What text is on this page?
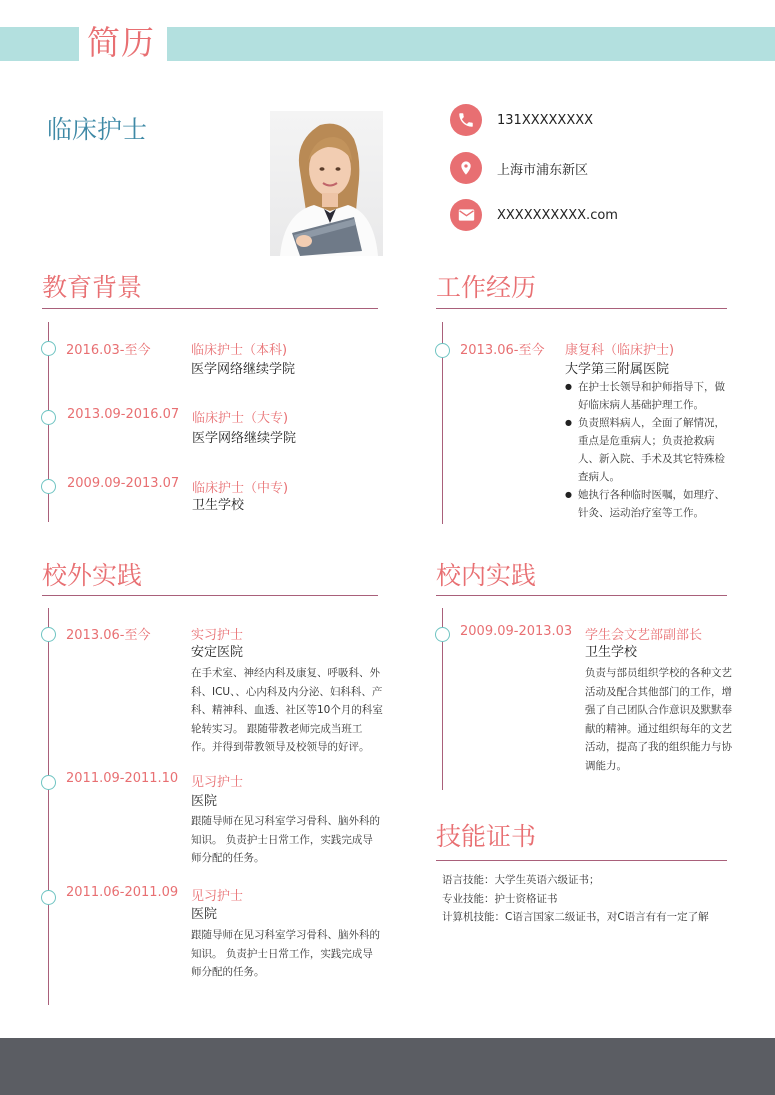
简历
临床护士	131XXXXXXXX
上海市浦东新区
XXXXXXXXXX.com
教育背景
2016.03-至今	临床护士（本科)
医学网络继续学院
2013.09-2016.07 临床护士（大专)
医学网络继续学院
2009.09-2013.07 临床护士（中专)
卫生学校
工作经历
2013.06-至今 康复科（临床护士)
大学第三附属医院
● 在护士长领导和护师指导下，做好临床病人基础护理工作。
● 负责照料病人，全面了解情况，重点是危重病人；负责抢救病人、新入院、手术及其它特殊检查病人。
● 她执行各种临时医嘱，如理疗、针灸、运动治疗室等工作。
校外实践
2013.06-至今	实习护士
安定医院
在手术室、神经内科及康复、呼吸科、外科、ICU、、心内科及内分泌、妇科科、产科、精神科、血透、社区等10个月的科室轮转实习。 跟随带教老师完成当班工作。并得到带教领导及校领导的好评。
2011.09-2011.10 见习护士
医院
跟随导师在见习科室学习骨科、脑外科的知识。 负责护士日常工作，实践完成导师分配的任务。
2011.06-2011.09 见习护士
医院
跟随导师在见习科室学习骨科、脑外科的知识。 负责护士日常工作，实践完成导师分配的任务。
校内实践
2009.09-2013.03 学生会文艺部副部长
卫生学校
负责与部员组织学校的各种文艺活动及配合其他部门的工作，增强了自己团队合作意识及默默奉献的精神。通过组织每年的文艺活动，提高了我的组织能力与协调能力。
技能证书
语言技能：大学生英语六级证书；
专业技能：护士资格证书
计算机技能：C语言国家二级证书，对C语言有有一定了解
